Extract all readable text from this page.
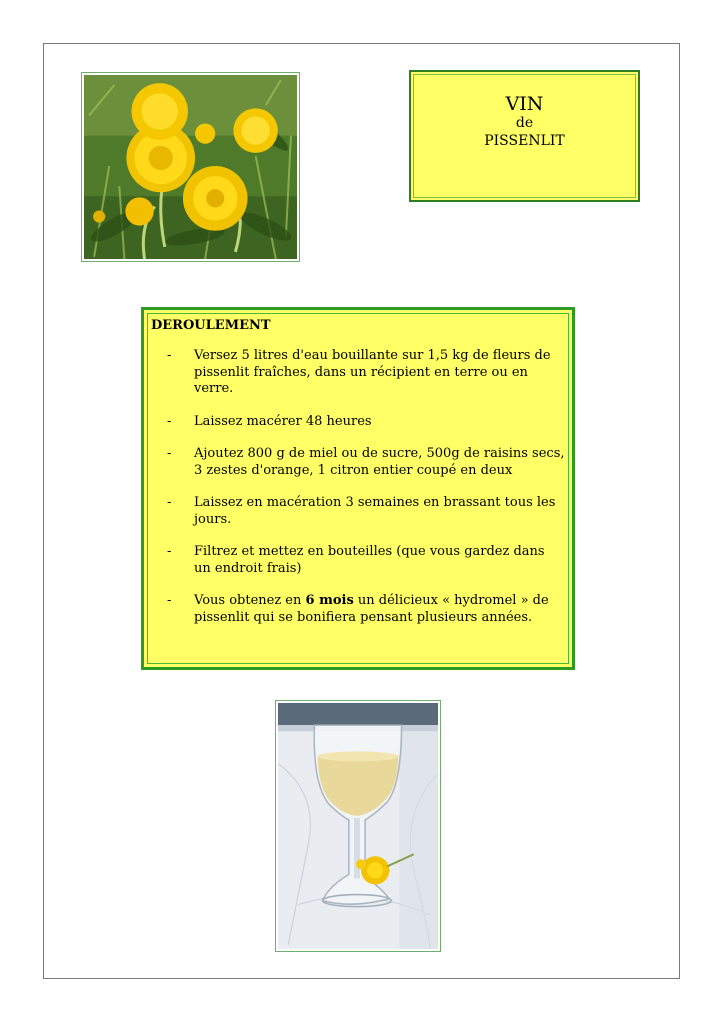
VIN
de
PISSENLIT
DEROULEMENT
- Versez 5 litres d'eau bouillante sur 1,5 kg de fleurs de pissenlit fraîches, dans un récipient en terre ou en verre.
- Laissez macérer 48 heures
- Ajoutez 800 g de miel ou de sucre, 500g de raisins secs, 3 zestes d'orange, 1 citron entier coupé en deux
- Laissez en macération 3 semaines en brassant tous les jours.
- Filtrez et mettez en bouteilles (que vous gardez dans un endroit frais)
- Vous obtenez en 6 mois un délicieux « hydromel » de pissenlit qui se bonifiera pensant plusieurs années.
